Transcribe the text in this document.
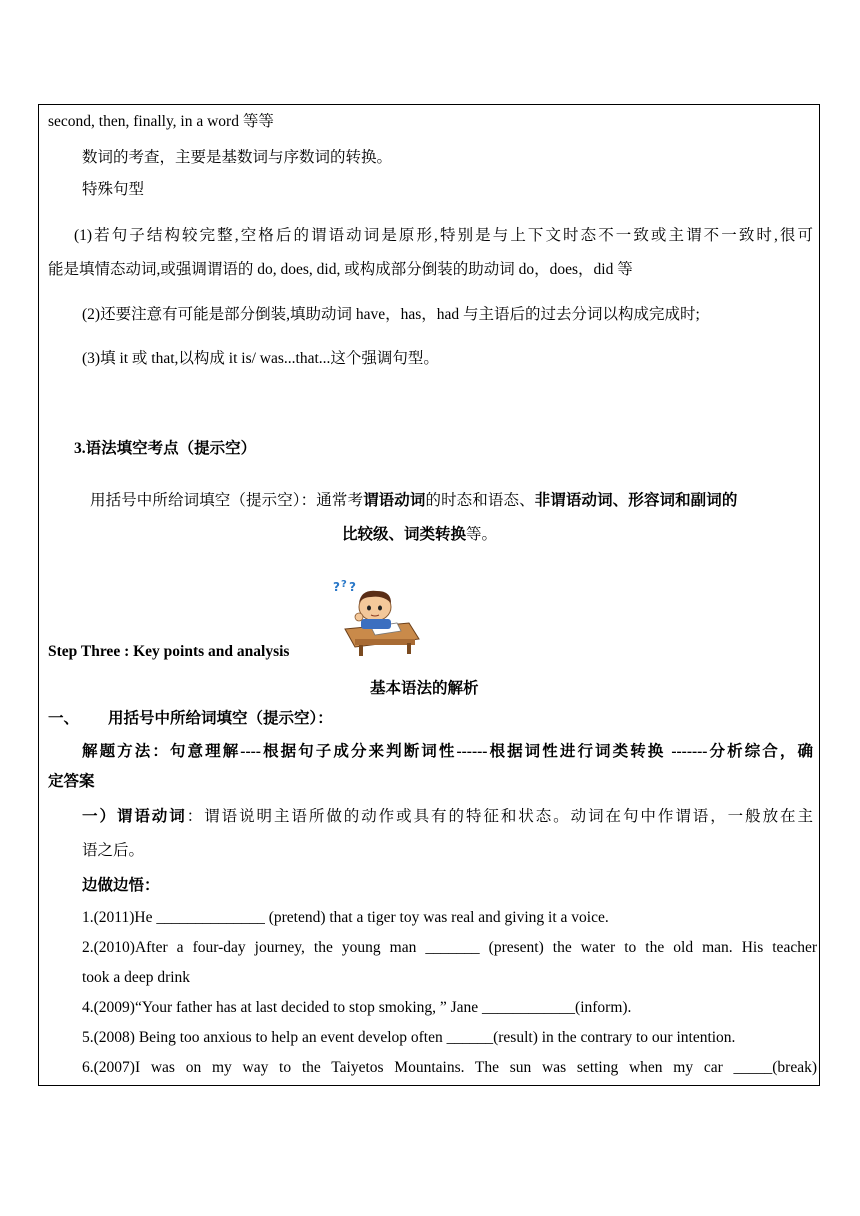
second, then, finally, in a word 等等
数词的考查，主要是基数词与序数词的转换。
特殊句型
(1)若句子结构较完整,空格后的谓语动词是原形,特别是与上下文时态不一致或主谓不一致时,很可
能是填情态动词,或强调谓语的 do, does, did, 或构成部分倒装的助动词 do，does，did 等
(2)还要注意有可能是部分倒装,填助动词 have，has，had 与主语后的过去分词以构成完成时;
(3)填 it 或 that,以构成 it is/ was...that...这个强调句型。
3.语法填空考点（提示空）
用括号中所给词填空（提示空）：通常考谓语动词的时态和语态、非谓语动词、形容词和副词的
比较级、词类转换等。
? ? ?
Step Three : Key points and analysis
基本语法的解析
一、 用括号中所给词填空（提示空）：
解题方法：句意理解----根据句子成分来判断词性------根据词性进行词类转换 -------分析综合，确
定答案
一）谓语动词：谓语说明主语所做的动作或具有的特征和状态。动词在句中作谓语，一般放在主
语之后。
边做边悟：
1.(2011)He ______________ (pretend) that a tiger toy was real and giving it a voice.
2.(2010)After a four-day journey, the young man _______ (present) the water to the old man. His teacher
took a deep drink
4.(2009)“Your father has at last decided to stop smoking, ” Jane ____________(inform).
5.(2008) Being too anxious to help an event develop often ______(result) in the contrary to our intention.
6.(2007)I was on my way to the Taiyetos Mountains. The sun was setting when my car _____(break)
